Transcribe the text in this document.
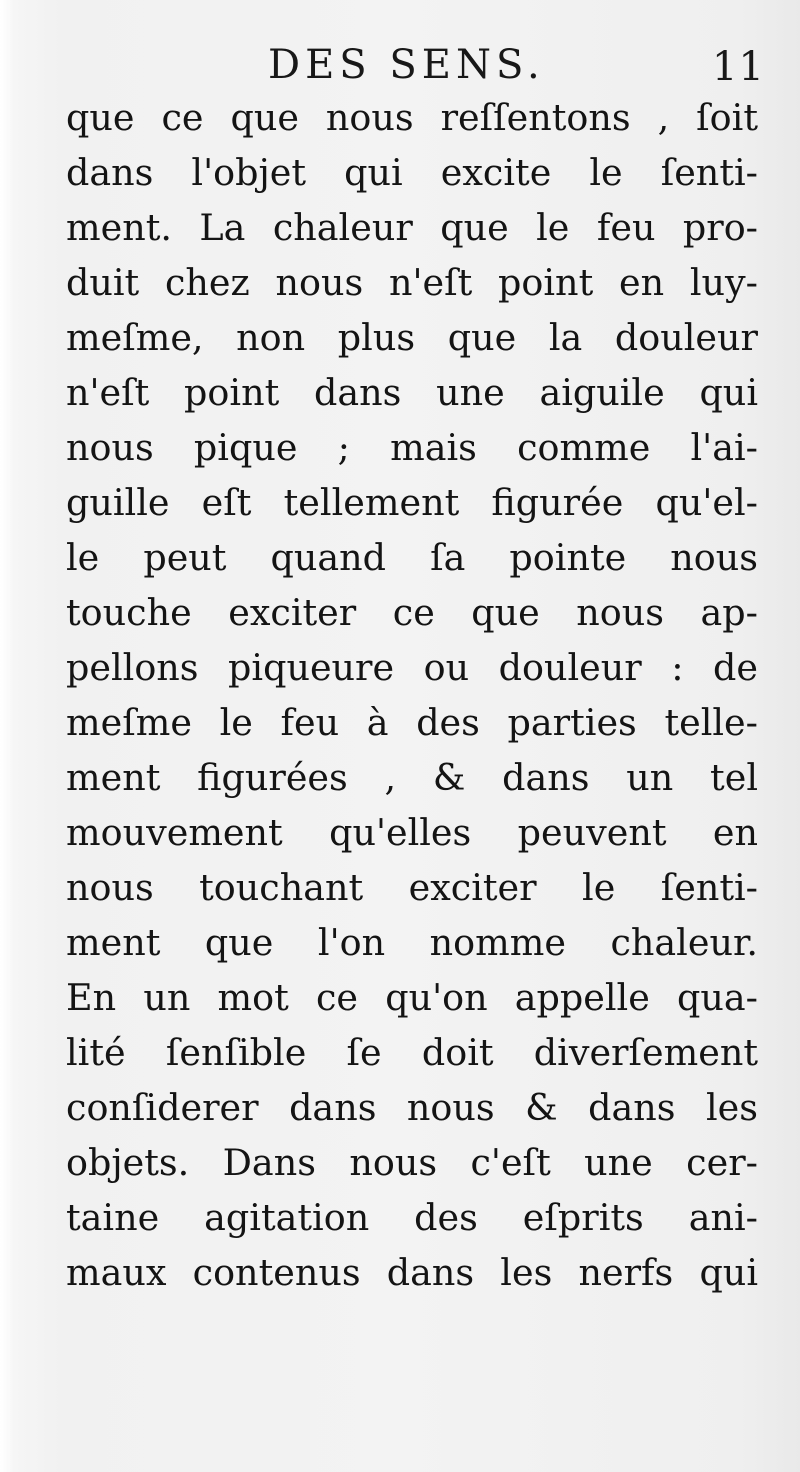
DES SENS.	11
que ce que nous reſſentons , ſoit
dans l'objet qui excite le ſenti-
ment. La chaleur que le feu pro-
duit chez nous n'eſt point en luy-
meſme, non plus que la douleur
n'eſt point dans une aiguile qui
nous pique ; mais comme l'ai-
guille eſt tellement figurée qu'el-
le peut quand ſa pointe nous
touche exciter ce que nous ap-
pellons piqueure ou douleur : de
meſme le feu à des parties telle-
ment figurées , & dans un tel
mouvement qu'elles peuvent en
nous touchant exciter le ſenti-
ment que l'on nomme chaleur.
En un mot ce qu'on appelle qua-
lité ſenſible ſe doit diverſement
conſiderer dans nous & dans les
objets. Dans nous c'eſt une cer-
taine agitation des eſprits ani-
maux contenus dans les nerfs qui
